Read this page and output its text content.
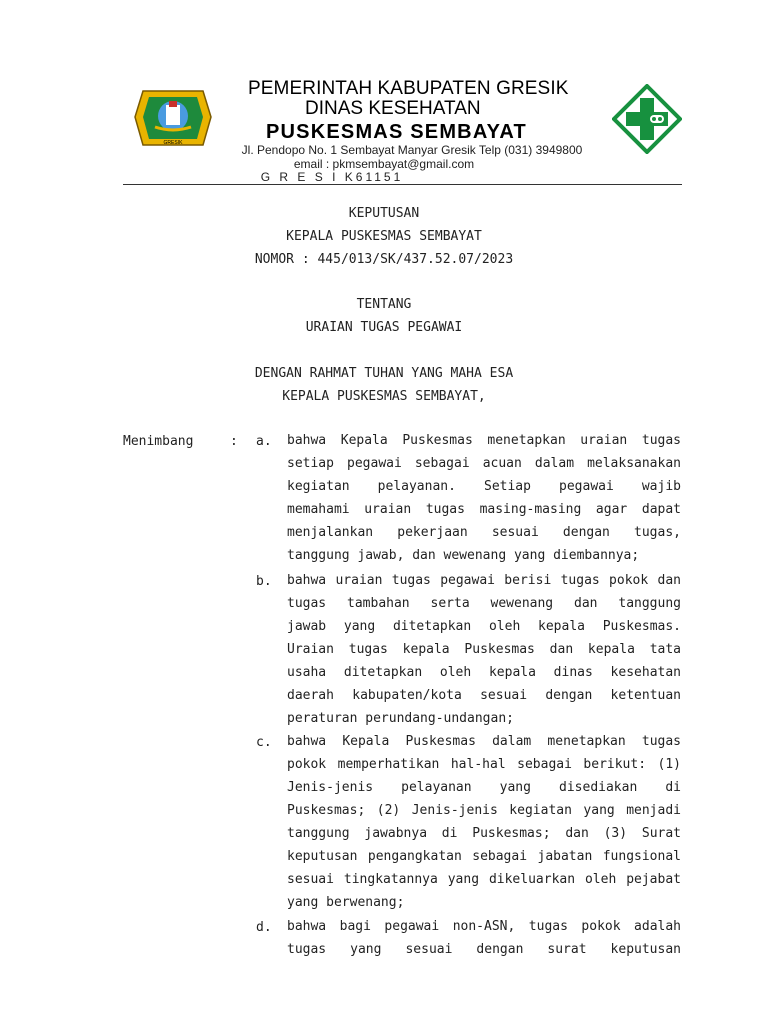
GRESIK
PEMERINTAH KABUPATEN GRESIK
DINAS KESEHATAN
PUSKESMAS SEMBAYAT
Jl. Pendopo No. 1 Sembayat Manyar Gresik Telp (031) 3949800
email : pkmsembayat@gmail.com
G R E S I K61151
KEPUTUSAN
KEPALA PUSKESMAS SEMBAYAT
NOMOR : 445/013/SK/437.52.07/2023
TENTANG
URAIAN TUGAS PEGAWAI
DENGAN RAHMAT TUHAN YANG MAHA ESA
KEPALA PUSKESMAS SEMBAYAT,
Menimbang	: a. bahwa Kepala Puskesmas menetapkan uraian tugas
setiap pegawai sebagai acuan dalam melaksanakan
kegiatan pelayanan. Setiap pegawai wajib
memahami uraian tugas masing-masing agar dapat
menjalankan pekerjaan sesuai dengan tugas,
tanggung jawab, dan wewenang yang diembannya;
b. bahwa uraian tugas pegawai berisi tugas pokok dan
tugas tambahan serta wewenang dan tanggung
jawab yang ditetapkan oleh kepala Puskesmas.
Uraian tugas kepala Puskesmas dan kepala tata
usaha ditetapkan oleh kepala dinas kesehatan
daerah kabupaten/kota sesuai dengan ketentuan
peraturan perundang-undangan;
c. bahwa Kepala Puskesmas dalam menetapkan tugas
pokok memperhatikan hal-hal sebagai berikut: (1)
Jenis-jenis pelayanan yang disediakan di
Puskesmas; (2) Jenis-jenis kegiatan yang menjadi
tanggung jawabnya di Puskesmas; dan (3) Surat
keputusan pengangkatan sebagai jabatan fungsional
sesuai tingkatannya yang dikeluarkan oleh pejabat
yang berwenang;
d. bahwa bagi pegawai non-ASN, tugas pokok adalah
tugas yang sesuai dengan surat keputusan
